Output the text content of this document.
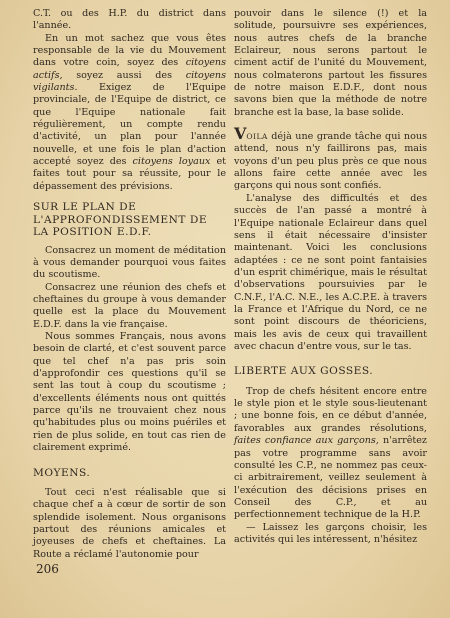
C.T. ou des H.P. du district dans l'année.

En un mot sachez que vous êtes responsable de la vie du Mouvement dans votre coin, soyez des citoyens actifs, soyez aussi des citoyens vigilants. Exigez de l'Equipe provinciale, de l'Equipe de district, ce que l'Equipe nationale fait régulièrement, un compte rendu d'activité, un plan pour l'année nouvelle, et une fois le plan d'action accepté soyez des citoyens loyaux et faites tout pour sa réussite, pour le dépassement des prévisions.

SUR LE PLAN DE L'APPROFONDISSEMENT DE LA POSITION E.D.F.

Consacrez un moment de méditation à vous demander pourquoi vous faites du scoutisme.

Consacrez une réunion des chefs et cheftaines du groupe à vous demander quelle est la place du Mouvement E.D.F. dans la vie française.

Nous sommes Français, nous avons besoin de clarté, et c'est souvent parce que tel chef n'a pas pris soin d'approfondir ces questions qu'il se sent las tout à coup du scoutisme ; d'excellents éléments nous ont quittés parce qu'ils ne trouvaient chez nous qu'habitudes plus ou moins puériles et rien de plus solide, en tout cas rien de clairement exprimé.

MOYENS.

Tout ceci n'est réalisable que si chaque chef a à cœur de sortir de son splendide isolement. Nous organisons partout des réunions amicales et joyeuses de chefs et cheftaines. La Route a réclamé l'autonomie pour

pouvoir dans le silence (!) et la solitude, poursuivre ses expériences, nous autres chefs de la branche Eclaireur, nous serons partout le ciment actif de l'unité du Mouvement, nous colmaterons partout les fissures de notre maison E.D.F., dont nous savons bien que la méthode de notre branche est la base, la base solide.

VOILA déjà une grande tâche qui nous attend, nous n'y faillirons pas, mais voyons d'un peu plus près ce que nous allons faire cette année avec les garçons qui nous sont confiés.

L'analyse des difficultés et des succès de l'an passé a montré à l'Equipe nationale Eclaireur dans quel sens il était nécessaire d'insister maintenant. Voici les conclusions adaptées : ce ne sont point fantaisies d'un esprit chimérique, mais le résultat d'observations poursuivies par le C.N.F., l'A.C. N.E., les A.C.P.E. à travers la France et l'Afrique du Nord, ce ne sont point discours de théoriciens, mais les avis de ceux qui travaillent avec chacun d'entre vous, sur le tas.

LIBERTE AUX GOSSES.

Trop de chefs hésitent encore entre le style pion et le style sous-lieutenant ; une bonne fois, en ce début d'année, favorables aux grandes résolutions, faites confiance aux garçons, n'arrêtez pas votre programme sans avoir consulté les C.P., ne nommez pas ceux-ci arbitrairement, veillez seulement à l'exécution des décisions prises en Conseil des C.P., et au perfectionnement technique de la H.P.

— Laissez les garçons choisir, les activités qui les intéressent, n'hésitez

206
